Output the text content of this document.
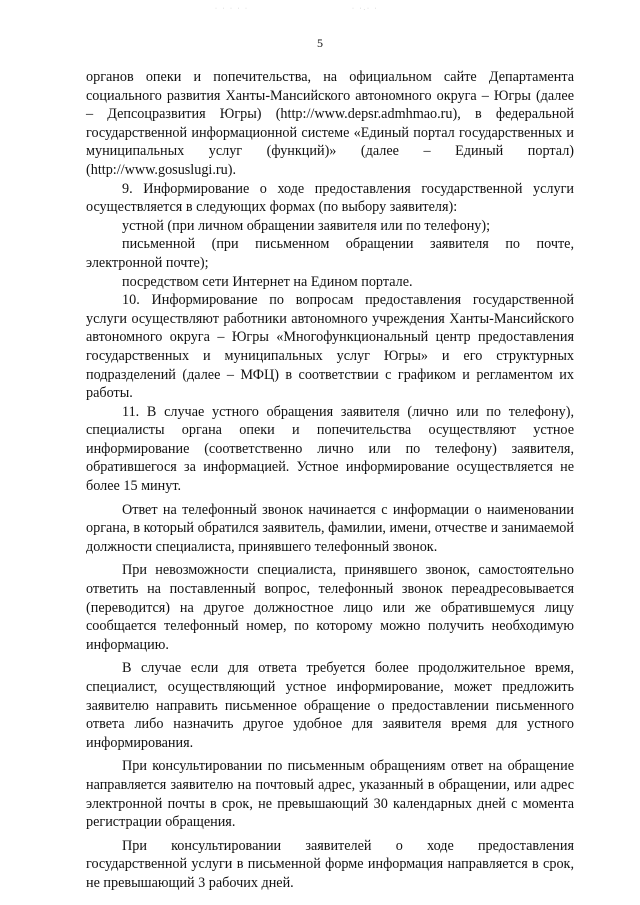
· · · · ·	· ·.· ·
5

органов опеки и попечительства, на официальном сайте Департамента социального развития Ханты-Мансийского автономного округа – Югры (далее – Депсоцразвития Югры) (http://www.depsr.admhmao.ru), в федеральной государственной информационной системе «Единый портал государственных и муниципальных услуг (функций)» (далее – Единый портал) (http://www.gosuslugi.ru).

9. Информирование о ходе предоставления государственной услуги осуществляется в следующих формах (по выбору заявителя):

устной (при личном обращении заявителя или по телефону);

письменной (при письменном обращении заявителя по почте, электронной почте);

посредством сети Интернет на Едином портале.

10. Информирование по вопросам предоставления государственной услуги осуществляют работники автономного учреждения Ханты-Мансийского автономного округа – Югры «Многофункциональный центр предоставления государственных и муниципальных услуг Югры» и его структурных подразделений (далее – МФЦ) в соответствии с графиком и регламентом их работы.

11. В случае устного обращения заявителя (лично или по телефону), специалисты органа опеки и попечительства осуществляют устное информирование (соответственно лично или по телефону) заявителя, обратившегося за информацией. Устное информирование осуществляется не более 15 минут.

Ответ на телефонный звонок начинается с информации о наименовании органа, в который обратился заявитель, фамилии, имени, отчестве и занимаемой должности специалиста, принявшего телефонный звонок.

При невозможности специалиста, принявшего звонок, самостоятельно ответить на поставленный вопрос, телефонный звонок переадресовывается (переводится) на другое должностное лицо или же обратившемуся лицу сообщается телефонный номер, по которому можно получить необходимую информацию.

В случае если для ответа требуется более продолжительное время, специалист, осуществляющий устное информирование, может предложить заявителю направить письменное обращение о предоставлении письменного ответа либо назначить другое удобное для заявителя время для устного информирования.

При консультировании по письменным обращениям ответ на обращение направляется заявителю на почтовый адрес, указанный в обращении, или адрес электронной почты в срок, не превышающий 30 календарных дней с момента регистрации обращения.

При консультировании заявителей о ходе предоставления государственной услуги в письменной форме информация направляется в срок, не превышающий 3 рабочих дней.
